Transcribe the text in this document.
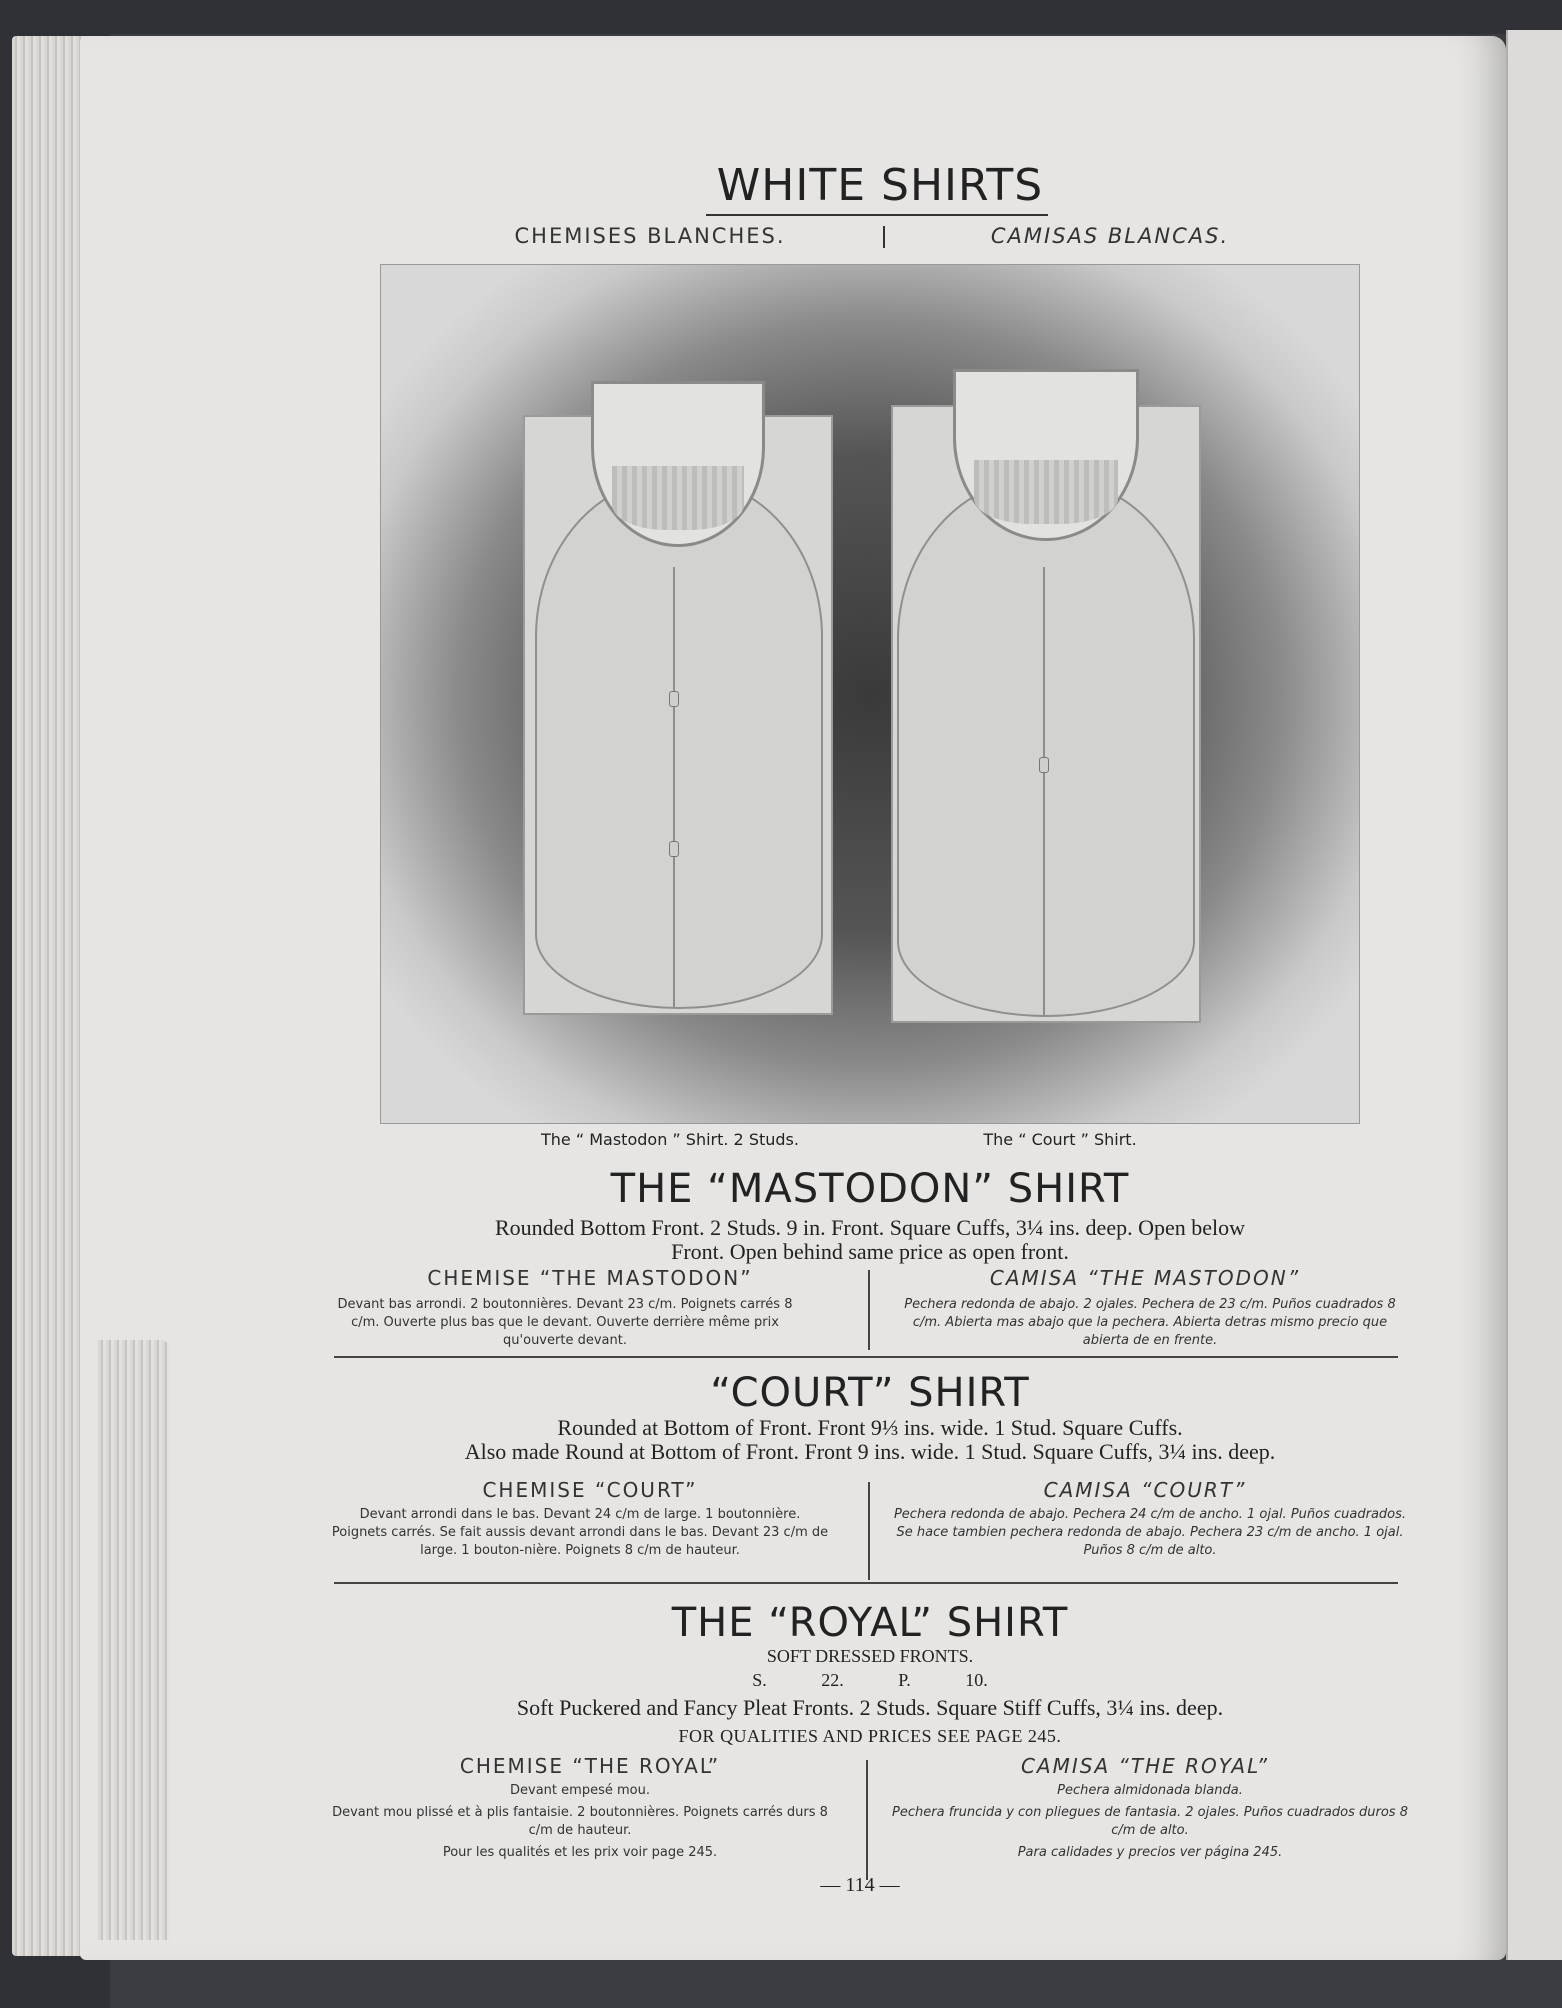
WHITE SHIRTS
CHEMISES BLANCHES.	CAMISAS BLANCAS.
The “ Mastodon ” Shirt. 2 Studs.	The “ Court ” Shirt.
THE “MASTODON” SHIRT
Rounded Bottom Front. 2 Studs. 9 in. Front. Square Cuffs, 3¼ ins. deep. Open below
Front. Open behind same price as open front.
CHEMISE “THE MASTODON”	CAMISA “THE MASTODON”
Devant bas arrondi. 2 boutonnières. Devant 23 c/m. Poignets carrés 8 c/m. Ouverte plus bas que le devant. Ouverte derrière même prix qu'ouverte devant.
Pechera redonda de abajo. 2 ojales. Pechera de 23 c/m. Puños cuadrados 8 c/m. Abierta mas abajo que la pechera. Abierta detras mismo precio que abierta de en frente.
“COURT” SHIRT
Rounded at Bottom of Front. Front 9⅓ ins. wide. 1 Stud. Square Cuffs.
Also made Round at Bottom of Front. Front 9 ins. wide. 1 Stud. Square Cuffs, 3¼ ins. deep.
CHEMISE “COURT”	CAMISA “COURT”
Devant arrondi dans le bas. Devant 24 c/m de large. 1 boutonnière. Poignets carrés. Se fait aussis devant arrondi dans le bas. Devant 23 c/m de large. 1 bouton-nière. Poignets 8 c/m de hauteur.
Pechera redonda de abajo. Pechera 24 c/m de ancho. 1 ojal. Puños cuadrados. Se hace tambien pechera redonda de abajo. Pechera 23 c/m de ancho. 1 ojal. Puños 8 c/m de alto.
THE “ROYAL” SHIRT
SOFT DRESSED FRONTS.
S. 22. P. 10.
Soft Puckered and Fancy Pleat Fronts. 2 Studs. Square Stiff Cuffs, 3¼ ins. deep.
FOR QUALITIES AND PRICES SEE PAGE 245.
CHEMISE “THE ROYAL”	CAMISA “THE ROYAL”
Devant empesé mou.
Devant mou plissé et à plis fantaisie. 2 boutonnières. Poignets carrés durs 8 c/m de hauteur.
Pour les qualités et les prix voir page 245.
Pechera almidonada blanda.
Pechera fruncida y con pliegues de fantasia. 2 ojales. Puños cuadrados duros 8 c/m de alto.
Para calidades y precios ver página 245.
— 114 —
